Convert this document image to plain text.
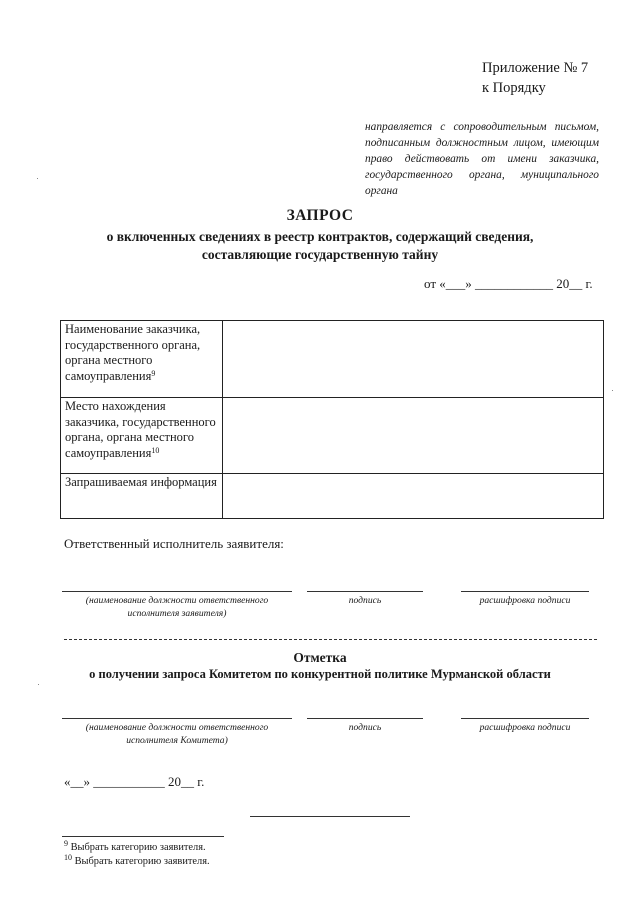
Приложение № 7
к Порядку
направляется с сопроводительным письмом, подписанным должностным лицом, имеющим право действовать от имени заказчика, государственного органа, муниципального органа
ЗАПРОС
о включенных сведениях в реестр контрактов, содержащий сведения, составляющие государственную тайну
от «___» ____________ 20__ г.
Наименование заказчика, государственного органа, органа местного самоуправления$^9$
Место нахождения заказчика, государственного органа, органа местного самоуправления$^{10}$
Запрашиваемая информация
Ответственный исполнитель заявителя:
(наименование должности ответственного исполнителя заявителя)
подпись	расшифровка подписи
Отметка
о получении запроса Комитетом по конкурентной политике Мурманской области
(наименование должности ответственного исполнителя Комитета)
подпись	расшифровка подписи
«__» ___________ 20__ г.
$^9$ Выбрать категорию заявителя.
$^{10}$ Выбрать категорию заявителя.
